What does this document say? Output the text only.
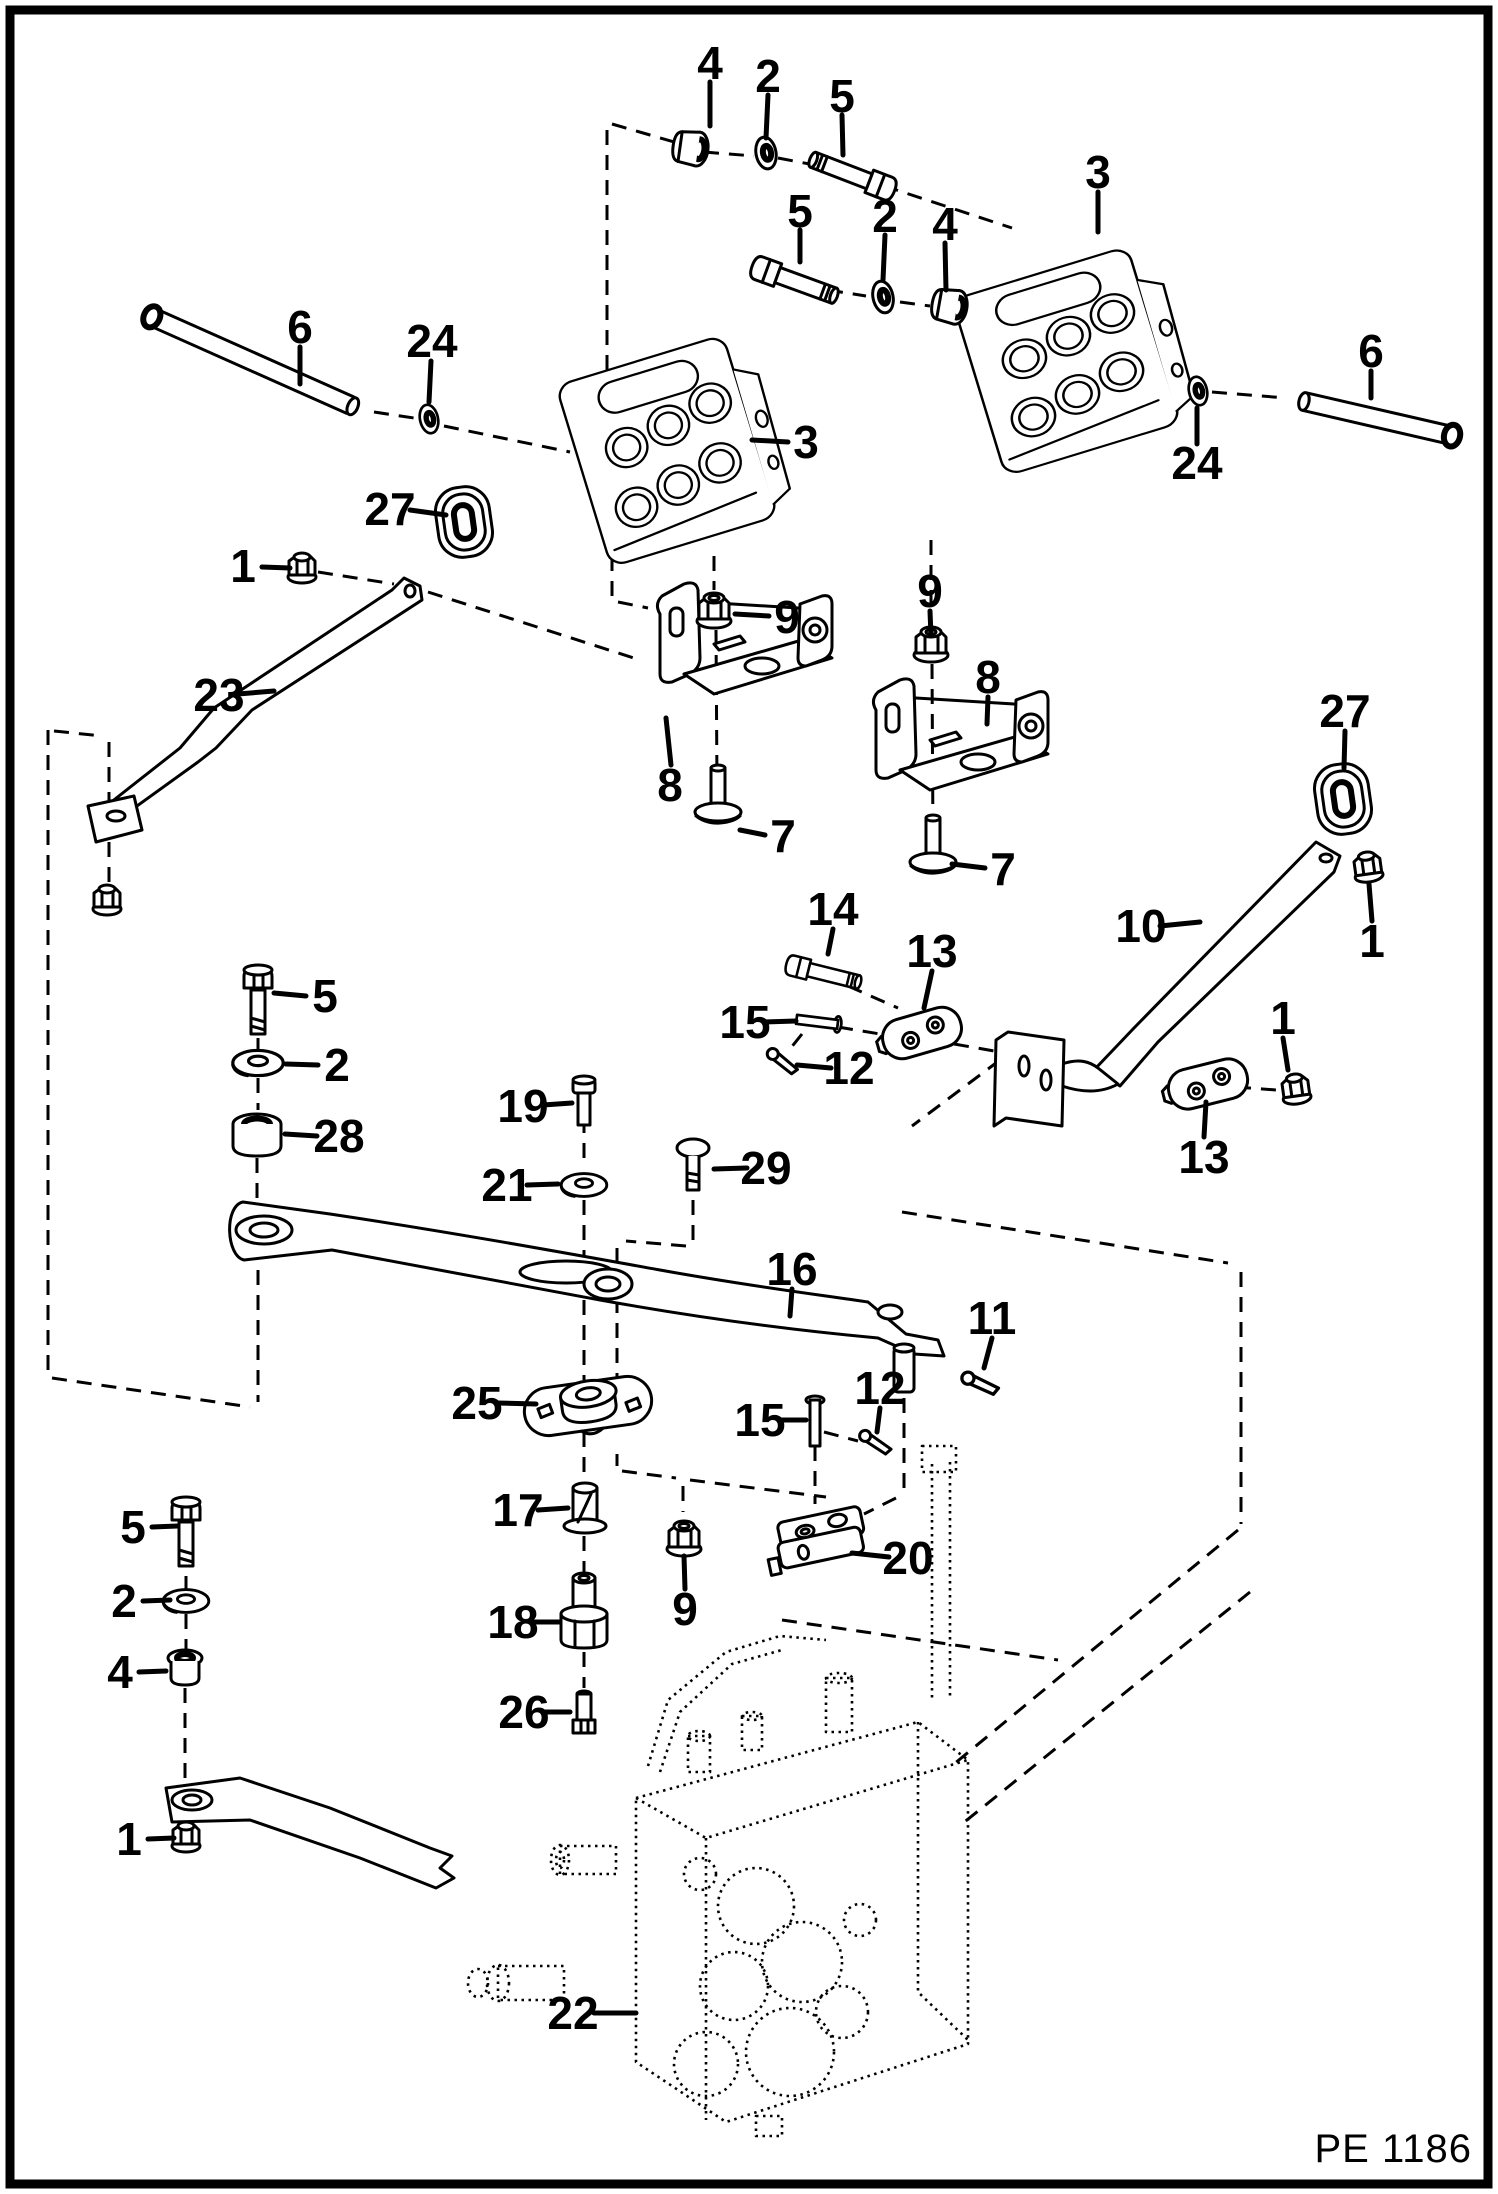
4 2 5
5 2 4
3
6 24
27
1
3
6
24
27
23
9
8
7
9
8
7
1
10
14
13
15
12
1
13
5
2
28
19
21	29
16
11
15
12
25
20
17
9
18
26
5
2
4
1
22
PE 1186
